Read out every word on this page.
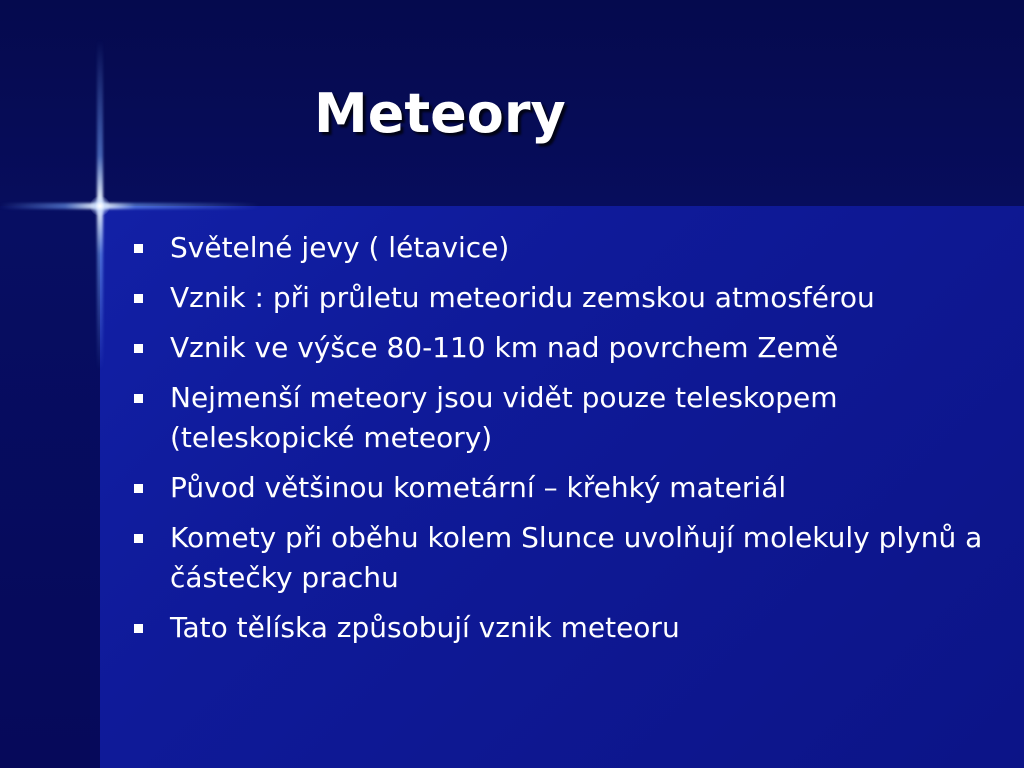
Meteory
Světelné jevy ( létavice)
Vznik : při průletu meteoridu zemskou atmosférou
Vznik ve výšce 80-110 km nad povrchem Země
Nejmenší meteory jsou vidět pouze teleskopem (teleskopické meteory)
Původ většinou kometární – křehký materiál
Komety při oběhu kolem Slunce uvolňují molekuly plynů a částečky prachu
Tato tělíska způsobují vznik meteoru
